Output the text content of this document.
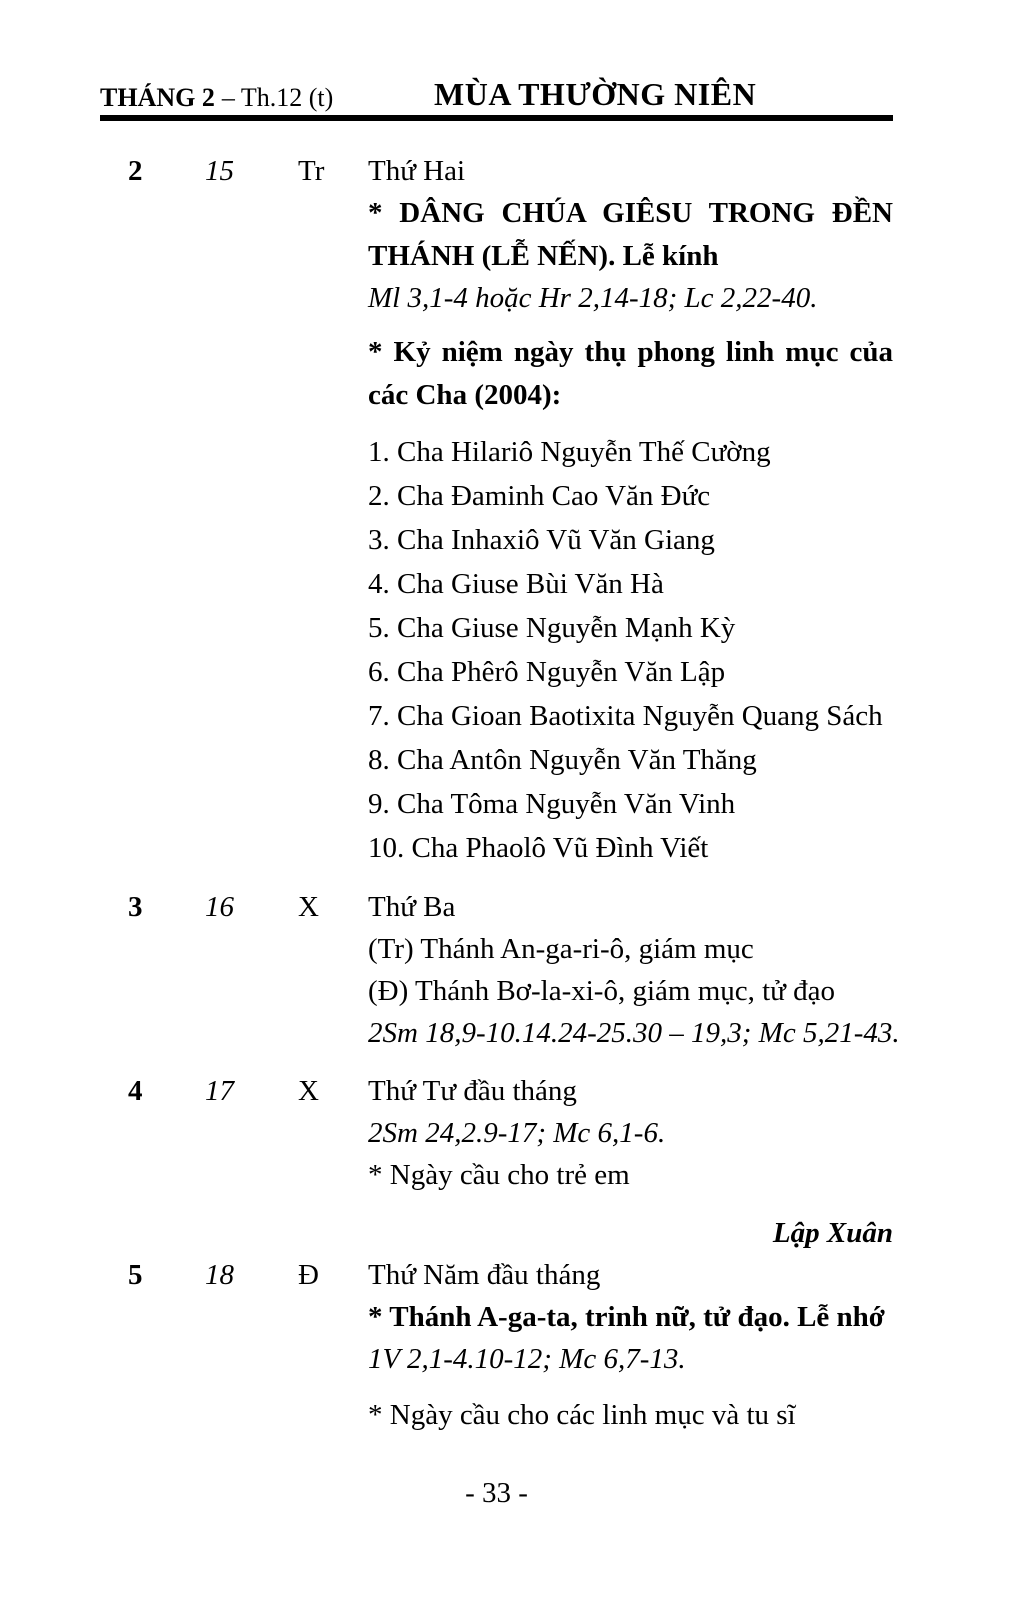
THÁNG 2 – Th.12 (t)	MÙA THƯỜNG NIÊN
2	15	Tr	Thứ Hai
* DÂNG CHÚA GIÊSU TRONG ĐỀN
THÁNH (LỄ NẾN). Lễ kính
Ml 3,1-4 hoặc Hr 2,14-18; Lc 2,22-40.
* Kỷ niệm ngày thụ phong linh mục của
các Cha (2004):
1. Cha Hilariô Nguyễn Thế Cường
2. Cha Đaminh Cao Văn Đức
3. Cha Inhaxiô Vũ Văn Giang
4. Cha Giuse Bùi Văn Hà
5. Cha Giuse Nguyễn Mạnh Kỳ
6. Cha Phêrô Nguyễn Văn Lập
7. Cha Gioan Baotixita Nguyễn Quang Sách
8. Cha Antôn Nguyễn Văn Thăng
9. Cha Tôma Nguyễn Văn Vinh
10. Cha Phaolô Vũ Đình Viết
3	16	X	Thứ Ba
(Tr) Thánh An-ga-ri-ô, giám mục
(Đ) Thánh Bơ-la-xi-ô, giám mục, tử đạo
2Sm 18,9-10.14.24-25.30 – 19,3; Mc 5,21-43.
4	17	X	Thứ Tư đầu tháng
2Sm 24,2.9-17; Mc 6,1-6.
* Ngày cầu cho trẻ em
Lập Xuân
5	18	Đ	Thứ Năm đầu tháng
* Thánh A-ga-ta, trinh nữ, tử đạo. Lễ nhớ
1V 2,1-4.10-12; Mc 6,7-13.
* Ngày cầu cho các linh mục và tu sĩ
- 33 -
